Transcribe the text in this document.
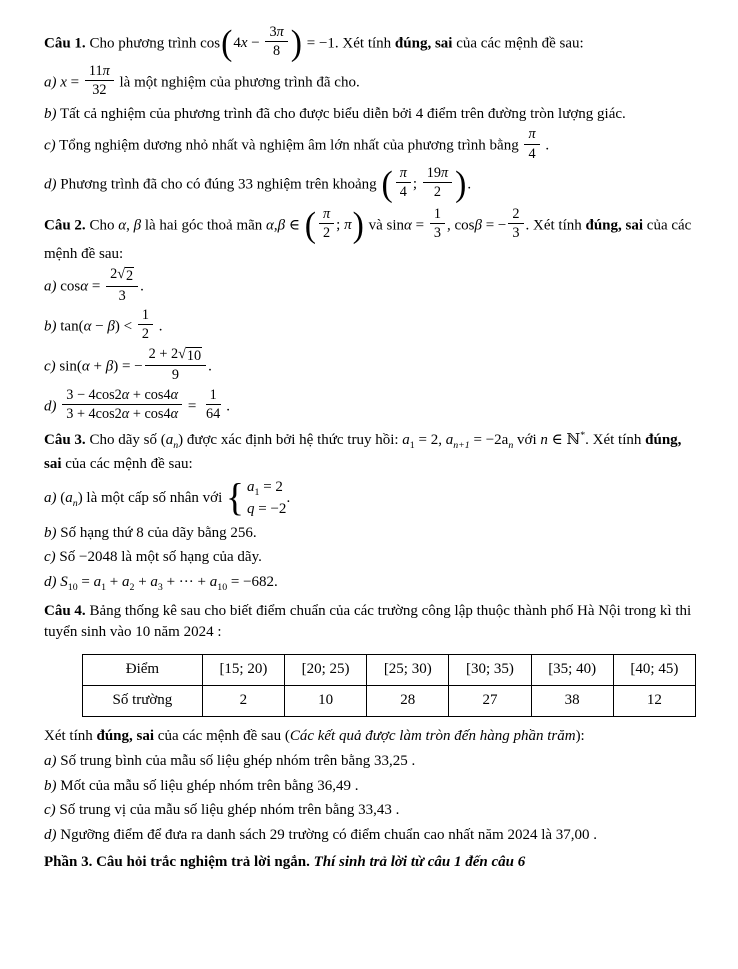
Câu 1. Cho phương trình cos ( 4 $x - \frac{3\pi}{8}$ ) = −1. Xét tính đúng, sai của các mệnh đề sau:
a) $x = \frac{11\pi}{32}$ là một nghiệm của phương trình đã cho.
b) Tất cả nghiệm của phương trình đã cho được biểu diễn bởi 4 điểm trên đường tròn lượng giác.
c) Tổng nghiệm dương nhỏ nhất và nghiệm âm lớn nhất của phương trình bằng $\frac{\pi}{4}$ .
d) Phương trình đã cho có đúng 33 nghiệm trên khoảng ( $\frac{\pi}{4}$ ; $\frac{19\pi}{2}$ ) .
Câu 2. Cho α, β là hai góc thoả mãn α,β ∈ ( $\frac{\pi}{2}$ ; π ) và $\sin\alpha = \frac{1}{3}$ , cosβ = − $\frac{2}{3}$ . Xét tính đúng, sai của các mệnh đề sau:
a) $\cos\alpha = \frac{2 √ 2}{3}$ .
b) $\tan(\alpha - \beta) < \frac{1}{2}$ .
c) sin(α + β) = − $\frac{2 + 2 √ 10}{9}$ .
$d) \frac{3 - 4\cos 2\alpha + \cos 4\alpha}{3 + 4\cos 2\alpha + \cos 4\alpha} = \frac{1}{64}$ .
Câu 3. Cho dãy số $(a_n)$ được xác định bởi hệ thức truy hồi: $a_1 = 2$, $a_{n+1} = -2a_n$ với n ∈ ℕ*. Xét tính đúng, sai của các mệnh đề sau:
a) $(a_n)$ là một cấp số nhân với { $a_1 = 2$
q = −2
.
b) Số hạng thứ 8 của dãy bằng 256.
c) Số −2048 là một số hạng của dãy.
d) $S_{10} = a_1 + a_2 + a_3$ + ··· + $a_{10} = -682$.
Câu 4. Bảng thống kê sau cho biết điểm chuẩn của các trường công lập thuộc thành phố Hà Nội trong kì thi tuyển sinh vào 10 năm 2024 :
Điểm	[15; 20)	[20; 25)	[25; 30)	[30; 35)	[35; 40)	[40; 45)
Số trường	2	10	28	27	38	12
Xét tính đúng, sai của các mệnh đề sau (Các kết quả được làm tròn đến hàng phần trăm):
a) Số trung bình của mẫu số liệu ghép nhóm trên bằng 33,25 .
b) Mốt của mẫu số liệu ghép nhóm trên bằng 36,49 .
c) Số trung vị của mẫu số liệu ghép nhóm trên bằng 33,43 .
d) Ngưỡng điểm để đưa ra danh sách 29 trường có điểm chuẩn cao nhất năm 2024 là 37,00 .
Phần 3. Câu hỏi trắc nghiệm trả lời ngắn. Thí sinh trả lời từ câu 1 đến câu 6
